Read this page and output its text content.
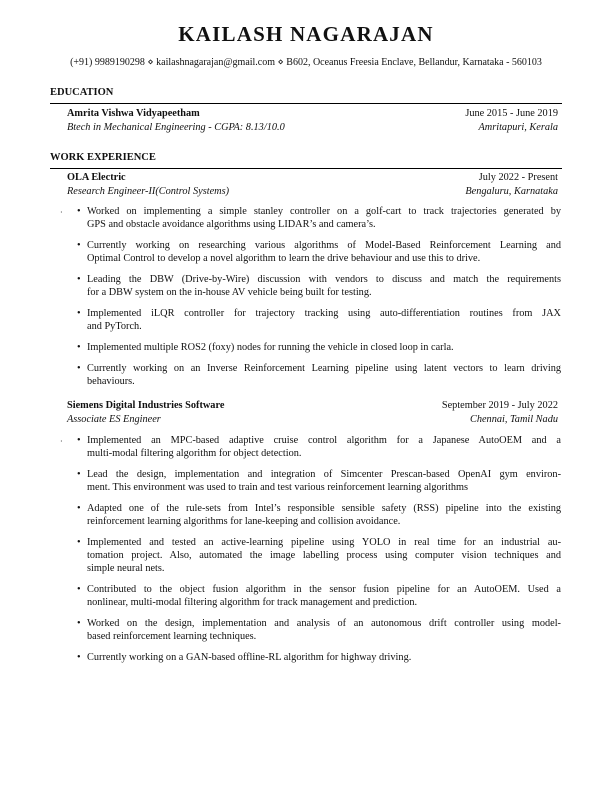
KAILASH NAGARAJAN
(+91) 9989190298 ⋄ kailashnagarajan@gmail.com ⋄ B602, Oceanus Freesia Enclave, Bellandur, Karnataka - 560103
EDUCATION
Amrita Vishwa Vidyapeetham	June 2015 - June 2019
Btech in Mechanical Engineering - CGPA: 8.13/10.0	Amritapuri, Kerala
WORK EXPERIENCE
OLA Electric	July 2022 - Present
Research Engineer-II(Control Systems)	Bengaluru, Karnataka
· • Worked on implementing a simple stanley controller on a golf-cart to track trajectories generated by
GPS and obstacle avoidance algorithms using LIDAR’s and camera’s.
• Currently working on researching various algorithms of Model-Based Reinforcement Learning and
Optimal Control to develop a novel algorithm to learn the drive behaviour and use this to drive.
• Leading the DBW (Drive-by-Wire) discussion with vendors to discuss and match the requirements
for a DBW system on the in-house AV vehicle being built for testing.
• Implemented iLQR controller for trajectory tracking using auto-differentiation routines from JAX
and PyTorch.
• Implemented multiple ROS2 (foxy) nodes for running the vehicle in closed loop in carla.
• Currently working on an Inverse Reinforcement Learning pipeline using latent vectors to learn driving
behaviours.
Siemens Digital Industries Software	September 2019 - July 2022
Associate ES Engineer	Chennai, Tamil Nadu
· • Implemented an MPC-based adaptive cruise control algorithm for a Japanese AutoOEM and a
multi-modal filtering algorithm for object detection.
• Lead the design, implementation and integration of Simcenter Prescan-based OpenAI gym environ-
ment. This environment was used to train and test various reinforcement learning algorithms
• Adapted one of the rule-sets from Intel’s responsible sensible safety (RSS) pipeline into the existing
reinforcement learning algorithms for lane-keeping and collision avoidance.
• Implemented and tested an active-learning pipeline using YOLO in real time for an industrial au-
tomation project. Also, automated the image labelling process using computer vision techniques and
simple neural nets.
• Contributed to the object fusion algorithm in the sensor fusion pipeline for an AutoOEM. Used a
nonlinear, multi-modal filtering algorithm for track management and prediction.
• Worked on the design, implementation and analysis of an autonomous drift controller using model-
based reinforcement learning techniques.
• Currently working on a GAN-based offline-RL algorithm for highway driving.
